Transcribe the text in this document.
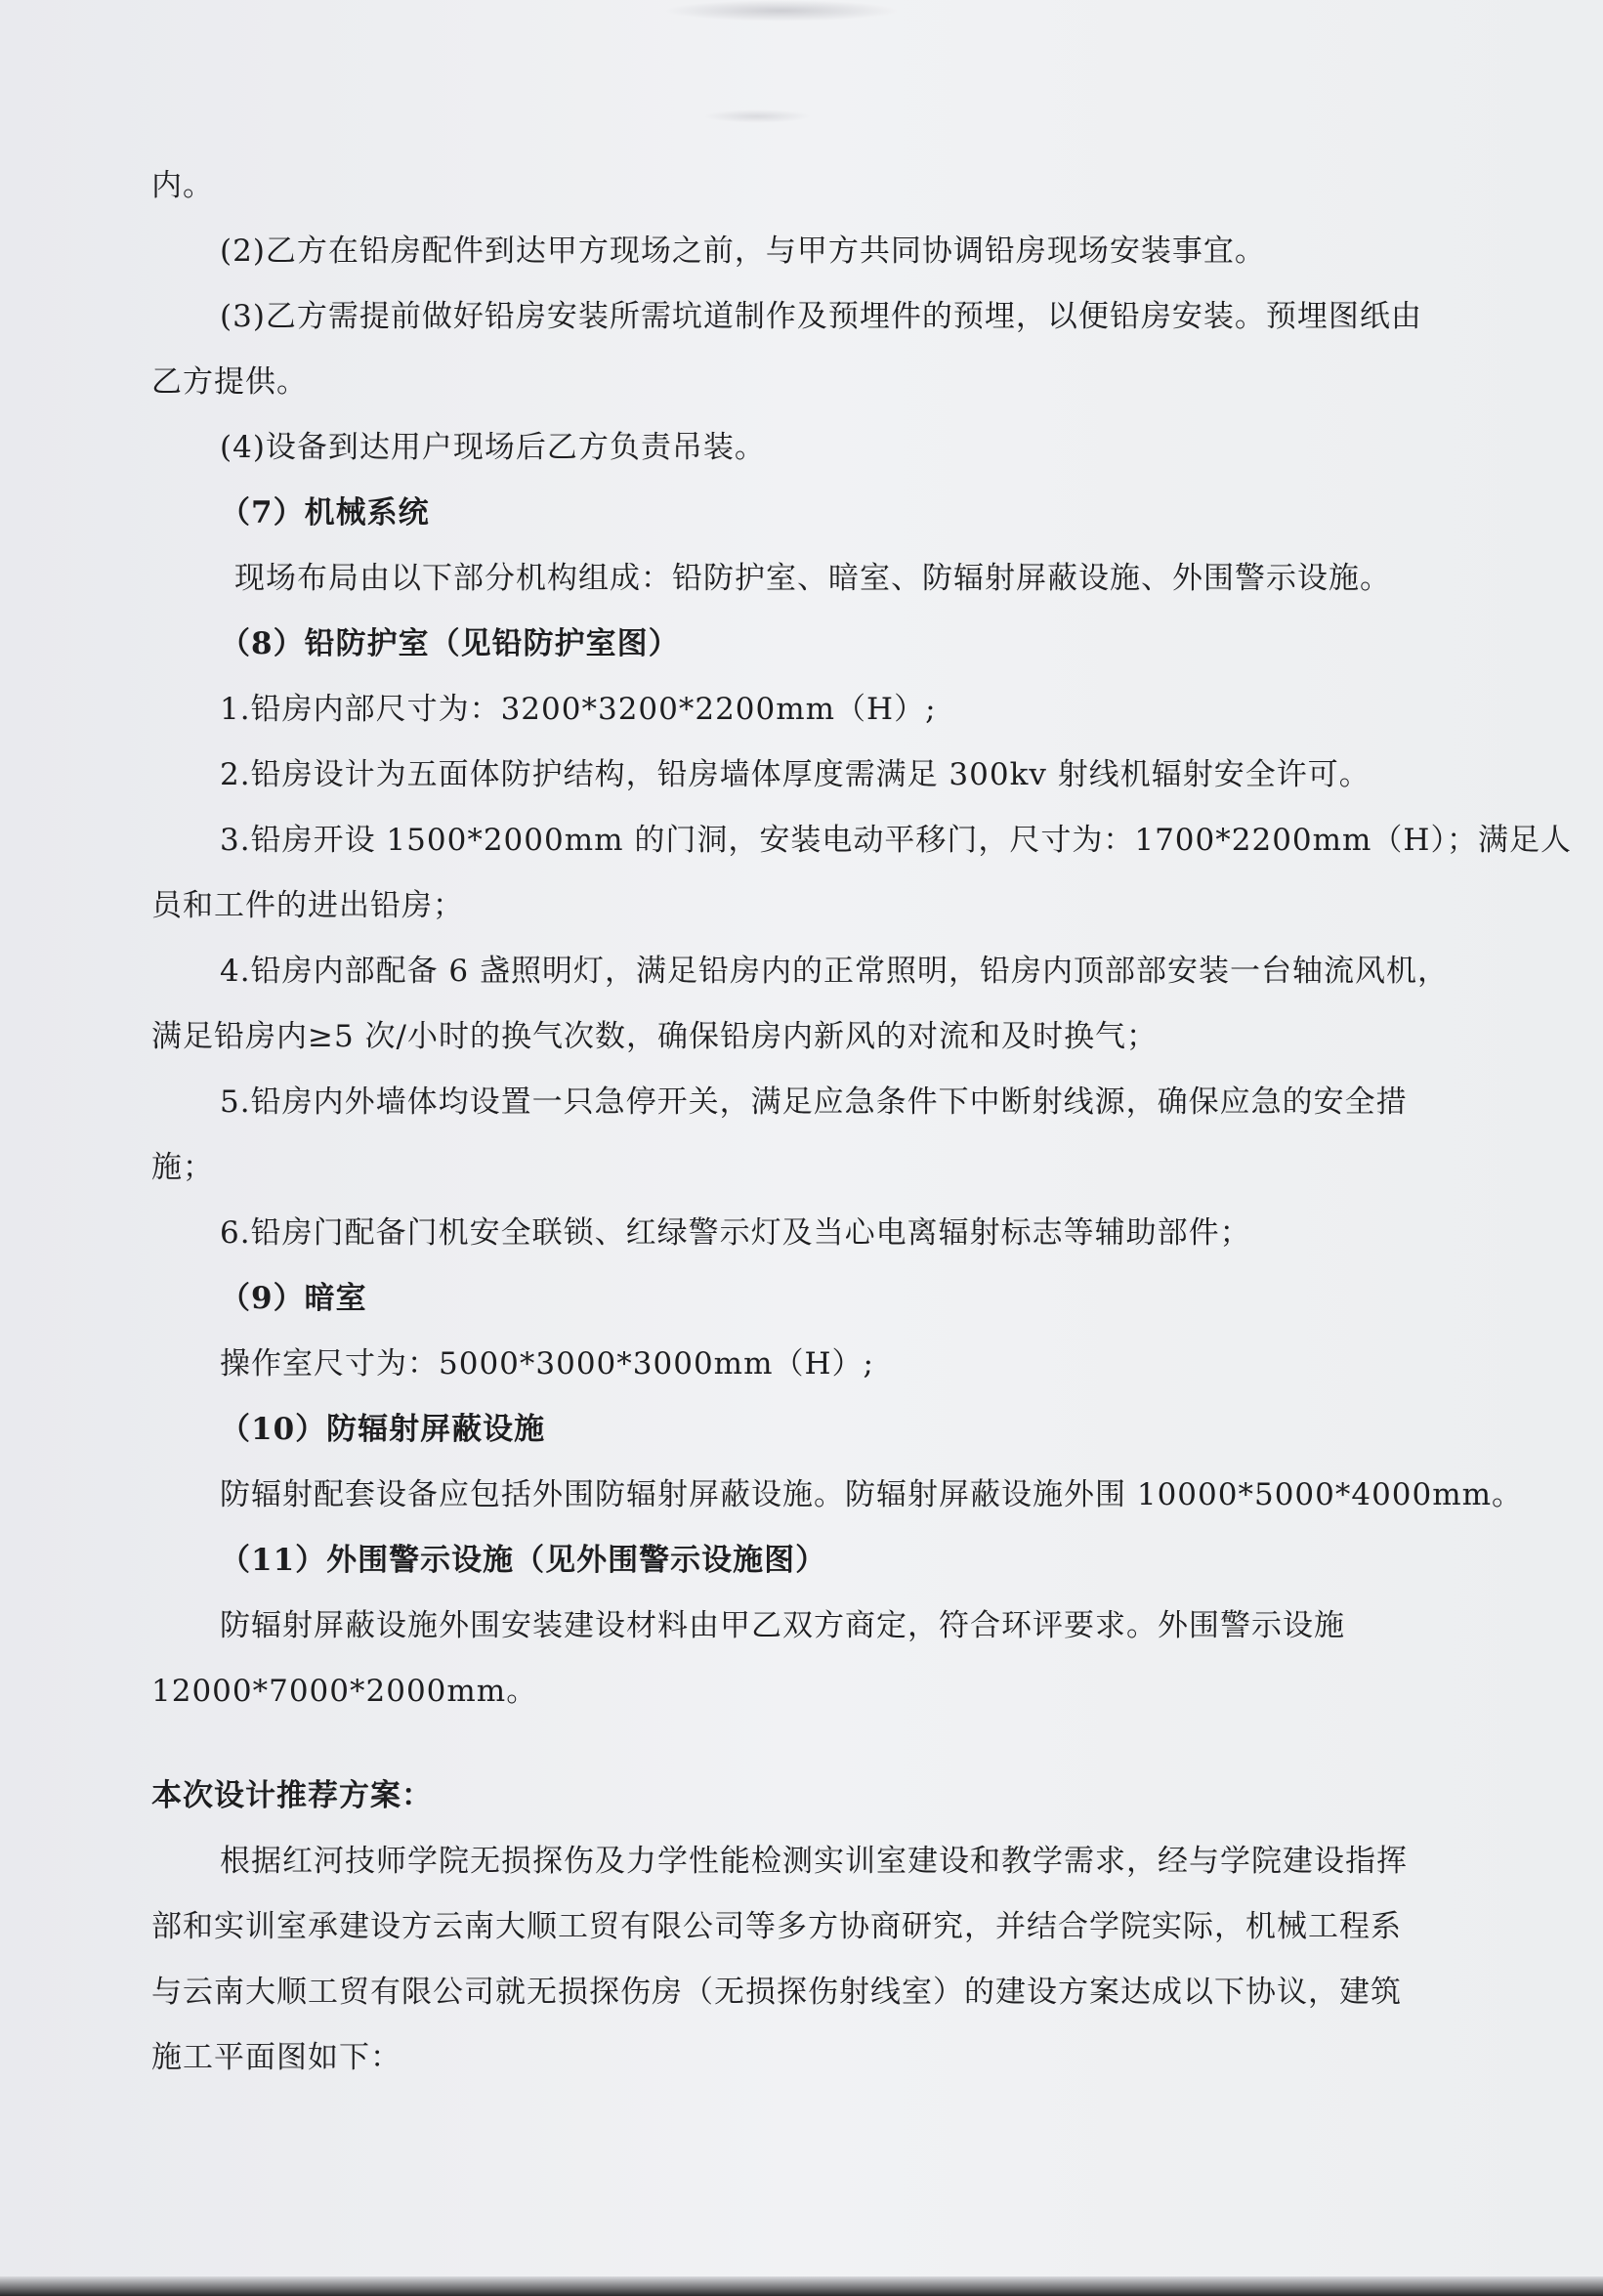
内。
(2)乙方在铅房配件到达甲方现场之前，与甲方共同协调铅房现场安装事宜。
(3)乙方需提前做好铅房安装所需坑道制作及预埋件的预埋，以便铅房安装。预埋图纸由
乙方提供。
(4)设备到达用户现场后乙方负责吊装。
（7）机械系统
现场布局由以下部分机构组成：铅防护室、暗室、防辐射屏蔽设施、外围警示设施。
（8）铅防护室（见铅防护室图）
1.铅房内部尺寸为：3200*3200*2200mm（H）;
2.铅房设计为五面体防护结构，铅房墙体厚度需满足 300kv 射线机辐射安全许可。
3.铅房开设 1500*2000mm 的门洞，安装电动平移门，尺寸为：1700*2200mm（H）；满足人
员和工件的进出铅房；
4.铅房内部配备 6 盏照明灯，满足铅房内的正常照明，铅房内顶部部安装一台轴流风机，
满足铅房内≥5 次/小时的换气次数，确保铅房内新风的对流和及时换气；
5.铅房内外墙体均设置一只急停开关，满足应急条件下中断射线源，确保应急的安全措
施；
6.铅房门配备门机安全联锁、红绿警示灯及当心电离辐射标志等辅助部件；
（9）暗室
操作室尺寸为：5000*3000*3000mm（H）;
（10）防辐射屏蔽设施
防辐射配套设备应包括外围防辐射屏蔽设施。防辐射屏蔽设施外围 10000*5000*4000mm。
（11）外围警示设施（见外围警示设施图）
防辐射屏蔽设施外围安装建设材料由甲乙双方商定，符合环评要求。外围警示设施
12000*7000*2000mm。
本次设计推荐方案：
根据红河技师学院无损探伤及力学性能检测实训室建设和教学需求，经与学院建设指挥
部和实训室承建设方云南大顺工贸有限公司等多方协商研究，并结合学院实际，机械工程系
与云南大顺工贸有限公司就无损探伤房（无损探伤射线室）的建设方案达成以下协议，建筑
施工平面图如下：
